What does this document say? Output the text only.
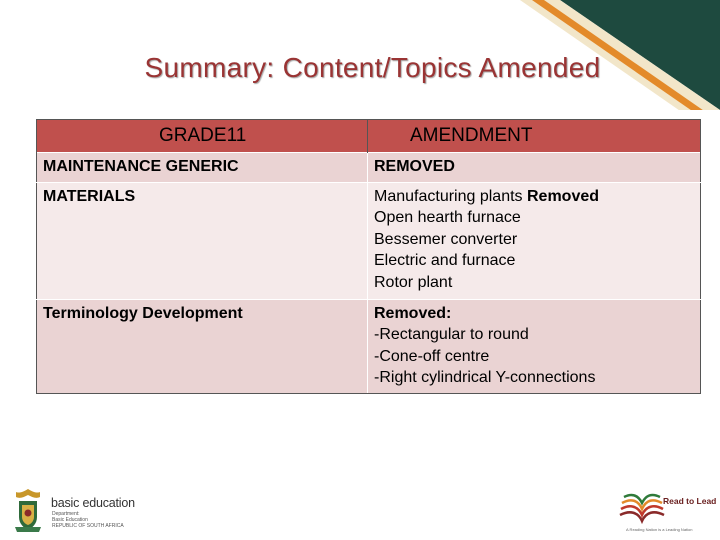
Summary: Content/Topics Amended
GRADE11	AMENDMENT
MAINTENANCE GENERIC	REMOVED

MATERIALS	Manufacturing plants Removed
Open hearth furnace
Bessemer converter
Electric and furnace
Rotor plant

Terminology Development	Removed:
-Rectangular to round
-Cone-off centre
-Right cylindrical Y-connections
basic education
Department:
Basic Education
REPUBLIC OF SOUTH AFRICA
Read to Lead
A Reading Nation is a Leading Nation
